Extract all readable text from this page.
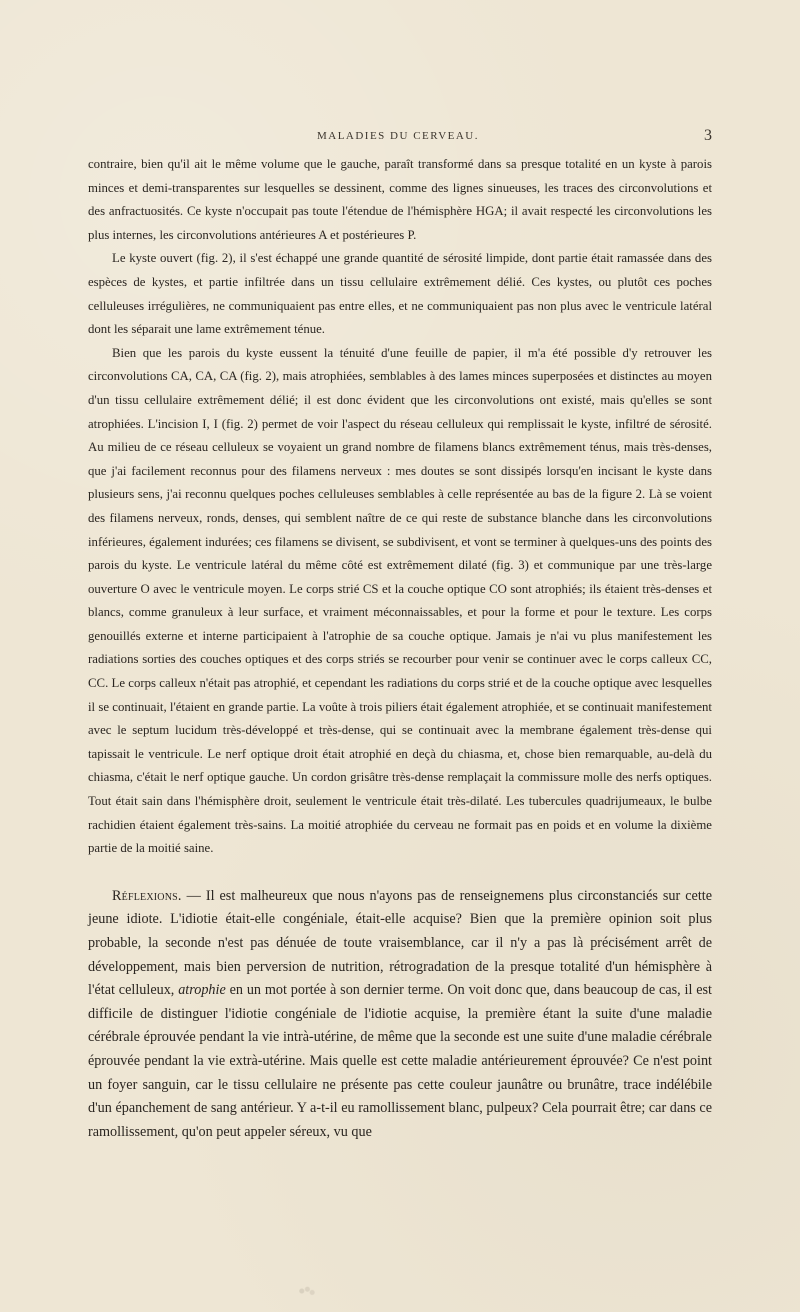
MALADIES DU CERVEAU.	3

contraire, bien qu'il ait le même volume que le gauche, paraît transformé dans sa presque totalité en un kyste à parois minces et demi-transparentes sur lesquelles se dessinent, comme des lignes sinueuses, les traces des circonvolutions et des anfractuosités. Ce kyste n'occupait pas toute l'étendue de l'hémisphère HGA; il avait respecté les circonvolutions les plus internes, les circonvolutions antérieures A et postérieures P.

Le kyste ouvert (fig. 2), il s'est échappé une grande quantité de sérosité limpide, dont partie était ramassée dans des espèces de kystes, et partie infiltrée dans un tissu cellulaire extrêmement délié. Ces kystes, ou plutôt ces poches celluleuses irrégulières, ne communiquaient pas entre elles, et ne communiquaient pas non plus avec le ventricule latéral dont les séparait une lame extrêmement ténue.

Bien que les parois du kyste eussent la ténuité d'une feuille de papier, il m'a été possible d'y retrouver les circonvolutions CA, CA, CA (fig. 2), mais atrophiées, semblables à des lames minces superposées et distinctes au moyen d'un tissu cellulaire extrêmement délié; il est donc évident que les circonvolutions ont existé, mais qu'elles se sont atrophiées. L'incision I, I (fig. 2) permet de voir l'aspect du réseau celluleux qui remplissait le kyste, infiltré de sérosité. Au milieu de ce réseau celluleux se voyaient un grand nombre de filamens blancs extrêmement ténus, mais très-denses, que j'ai facilement reconnus pour des filamens nerveux : mes doutes se sont dissipés lorsqu'en incisant le kyste dans plusieurs sens, j'ai reconnu quelques poches celluleuses semblables à celle représentée au bas de la figure 2. Là se voient des filamens nerveux, ronds, denses, qui semblent naître de ce qui reste de substance blanche dans les circonvolutions inférieures, également indurées; ces filamens se divisent, se subdivisent, et vont se terminer à quelques-uns des points des parois du kyste. Le ventricule latéral du même côté est extrêmement dilaté (fig. 3) et communique par une très-large ouverture O avec le ventricule moyen. Le corps strié CS et la couche optique CO sont atrophiés; ils étaient très-denses et blancs, comme granuleux à leur surface, et vraiment méconnaissables, et pour la forme et pour le texture. Les corps genouillés externe et interne participaient à l'atrophie de sa couche optique. Jamais je n'ai vu plus manifestement les radiations sorties des couches optiques et des corps striés se recourber pour venir se continuer avec le corps calleux CC, CC. Le corps calleux n'était pas atrophié, et cependant les radiations du corps strié et de la couche optique avec lesquelles il se continuait, l'étaient en grande partie. La voûte à trois piliers était également atrophiée, et se continuait manifestement avec le septum lucidum très-développé et très-dense, qui se continuait avec la membrane également très-dense qui tapissait le ventricule. Le nerf optique droit était atrophié en deçà du chiasma, et, chose bien remarquable, au-delà du chiasma, c'était le nerf optique gauche. Un cordon grisâtre très-dense remplaçait la commissure molle des nerfs optiques. Tout était sain dans l'hémisphère droit, seulement le ventricule était très-dilaté. Les tubercules quadrijumeaux, le bulbe rachidien étaient également très-sains. La moitié atrophiée du cerveau ne formait pas en poids et en volume la dixième partie de la moitié saine.

Réflexions. — Il est malheureux que nous n'ayons pas de renseignemens plus circonstanciés sur cette jeune idiote. L'idiotie était-elle congéniale, était-elle acquise? Bien que la première opinion soit plus probable, la seconde n'est pas dénuée de toute vraisemblance, car il n'y a pas là précisément arrêt de développement, mais bien perversion de nutrition, rétrogradation de la presque totalité d'un hémisphère à l'état celluleux, atrophie en un mot portée à son dernier terme. On voit donc que, dans beaucoup de cas, il est difficile de distinguer l'idiotie congéniale de l'idiotie acquise, la première étant la suite d'une maladie cérébrale éprouvée pendant la vie intrà-utérine, de même que la seconde est une suite d'une maladie cérébrale éprouvée pendant la vie extrà-utérine. Mais quelle est cette maladie antérieurement éprouvée? Ce n'est point un foyer sanguin, car le tissu cellulaire ne présente pas cette couleur jaunâtre ou brunâtre, trace indélébile d'un épanchement de sang antérieur. Y a-t-il eu ramollissement blanc, pulpeux? Cela pourrait être; car dans ce ramollissement, qu'on peut appeler séreux, vu que
